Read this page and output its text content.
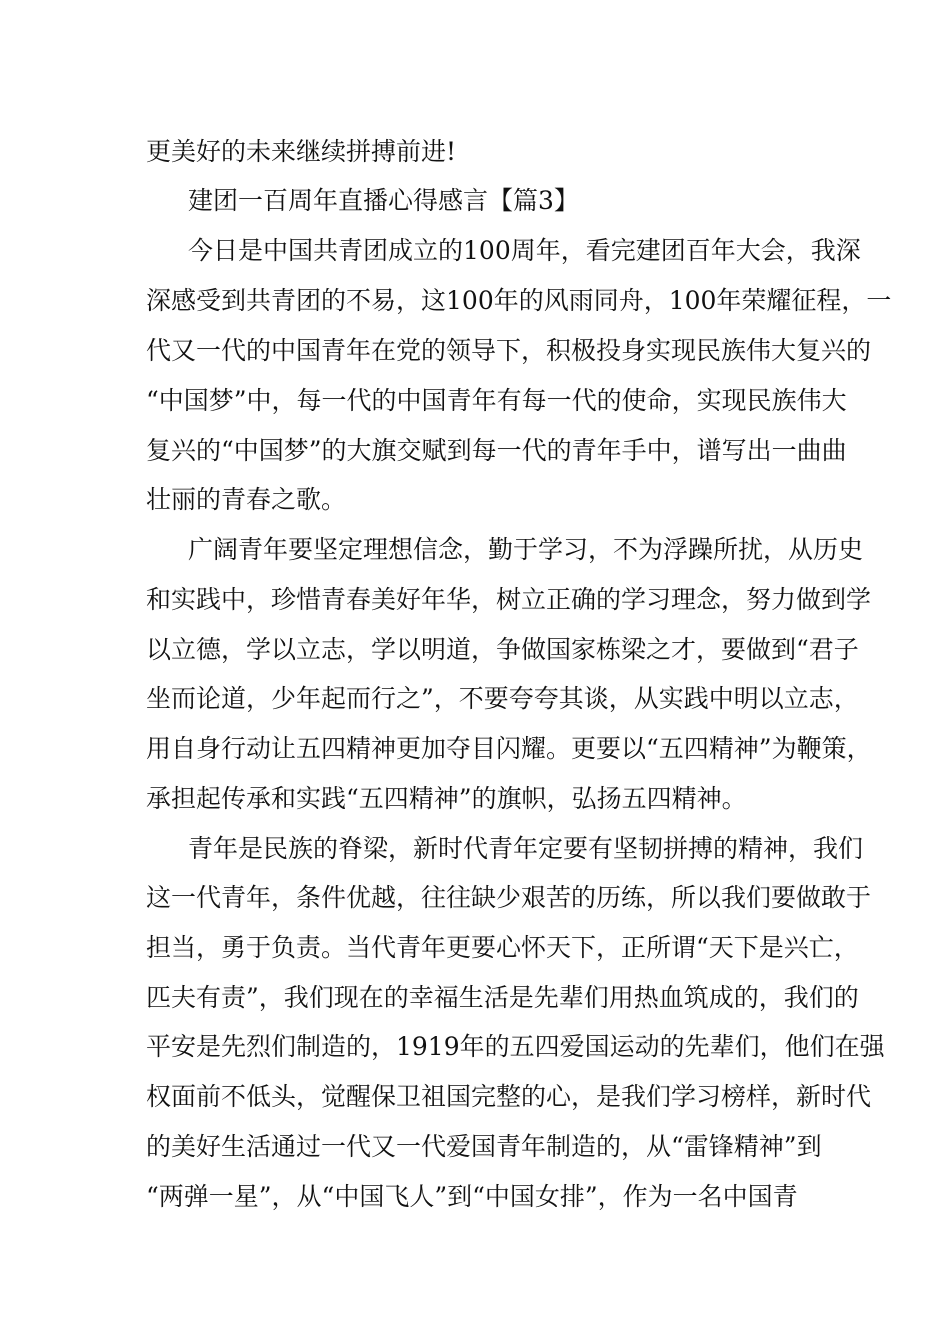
更美好的未来继续拼搏前进!

建团一百周年直播心得感言【篇3】

今日是中国共青团成立的100周年，看完建团百年大会，我深

深感受到共青团的不易，这100年的风雨同舟，100年荣耀征程，一

代又一代的中国青年在党的领导下，积极投身实现民族伟大复兴的

“中国梦”中，每一代的中国青年有每一代的使命，实现民族伟大

复兴的“中国梦”的大旗交赋到每一代的青年手中，谱写出一曲曲

壮丽的青春之歌。

广阔青年要坚定理想信念，勤于学习，不为浮躁所扰，从历史

和实践中，珍惜青春美好年华，树立正确的学习理念，努力做到学

以立德，学以立志，学以明道，争做国家栋梁之才，要做到“君子

坐而论道，少年起而行之”，不要夸夸其谈，从实践中明以立志，

用自身行动让五四精神更加夺目闪耀。更要以“五四精神”为鞭策，

承担起传承和实践“五四精神”的旗帜，弘扬五四精神。

青年是民族的脊梁，新时代青年定要有坚韧拼搏的精神，我们

这一代青年，条件优越，往往缺少艰苦的历练，所以我们要做敢于

担当，勇于负责。当代青年更要心怀天下，正所谓“天下是兴亡，

匹夫有责”，我们现在的幸福生活是先辈们用热血筑成的，我们的

平安是先烈们制造的，1919年的五四爱国运动的先辈们，他们在强

权面前不低头，觉醒保卫祖国完整的心，是我们学习榜样，新时代

的美好生活通过一代又一代爱国青年制造的，从“雷锋精神”到

“两弹一星”，从“中国飞人”到“中国女排”，作为一名中国青
